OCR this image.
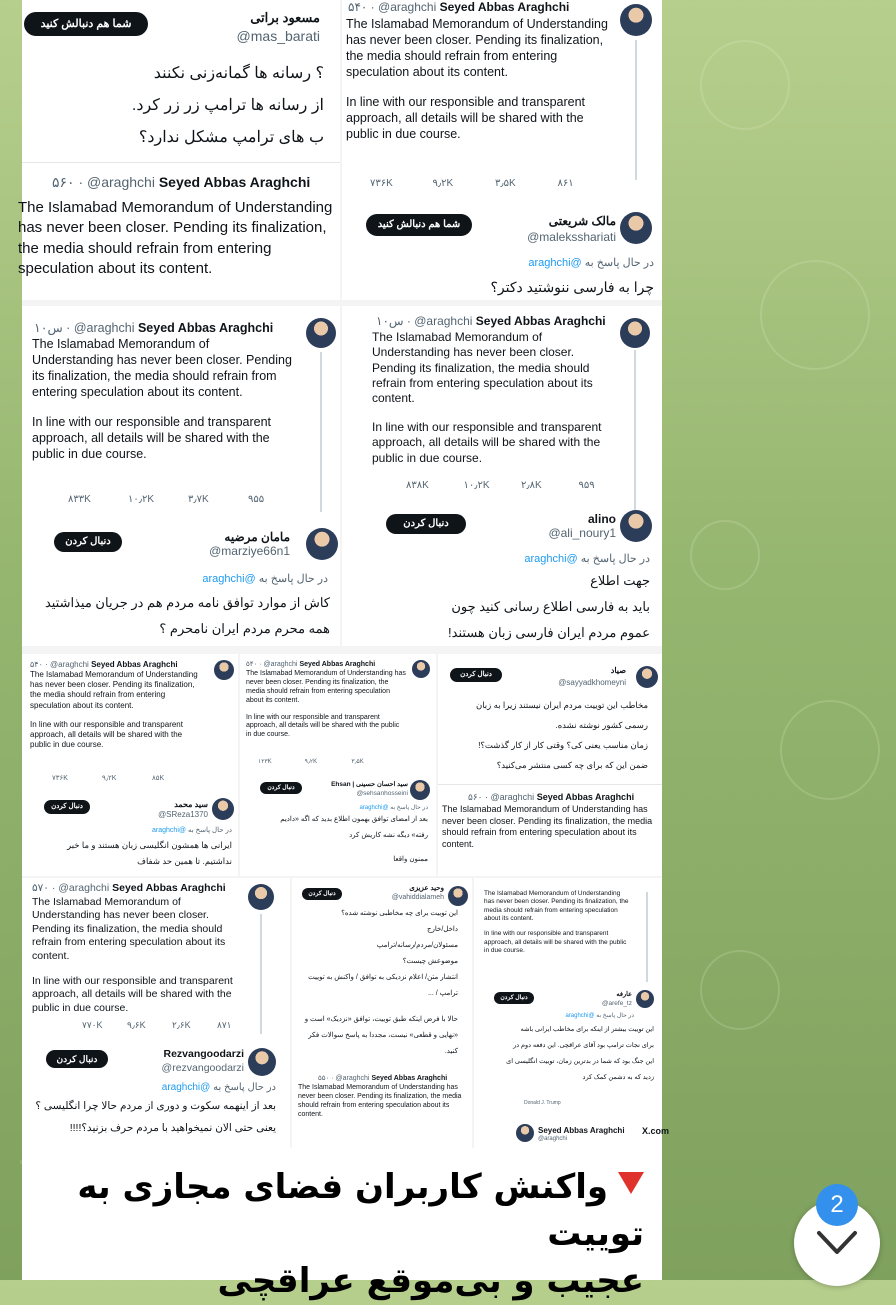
شما هم دنبالش کنید	مسعود براتی
@mas_barati
؟ رسانه ها گمانه‌زنی نکنند
از رسانه ها ترامپ زر زر کرد.
ب های ترامپ مشکل ندارد؟
۵۶۰ · @araghchi Seyed Abbas Araghchi
The Islamabad Memorandum of Understanding has never been closer. Pending its finalization, the media should refrain from entering speculation about its content.
۵۴۰ · @araghchi Seyed Abbas Araghchi

The Islamabad Memorandum of Understanding has never been closer. Pending its finalization, the media should refrain from entering speculation about its content.

In line with our responsible and transparent approach, all details will be shared with the public in due course.

۷۳۶K	۹٫۲K	۳٫۵K	۸۶۱
شما هم دنبالش کنید	مالک شریعتی
@maleksshariati
در حال پاسخ به @araghchi
چرا به فارسی ننوشتید دکتر؟
۱۰س · @araghchi Seyed Abbas Araghchi

The Islamabad Memorandum of Understanding has never been closer. Pending its finalization, the media should refrain from entering speculation about its content.

In line with our responsible and transparent approach, all details will be shared with the public in due course.

۸۳۳K	۱۰٫۲K	۳٫۷K	۹۵۵
دنبال کردن	مامان مرضیه
@marziye66n1
در حال پاسخ به @araghchi
کاش از موارد توافق نامه مردم هم در جریان میذاشتید
همه محرم مردم ایران نامحرم ؟
۱۰س · @araghchi Seyed Abbas Araghchi

The Islamabad Memorandum of Understanding has never been closer. Pending its finalization, the media should refrain from entering speculation about its content.

In line with our responsible and transparent approach, all details will be shared with the public in due course.

۸۳۸K	۱۰٫۲K	۲٫۸K	۹۵۹
دنبال کردن	alino
@ali_noury1
در حال پاسخ به @araghchi
جهت اطلاع
باید به فارسی اطلاع رسانی کنید چون
عموم مردم ایران فارسی زبان هستند!
۵۴۰ · @araghchi Seyed Abbas Araghchi

The Islamabad Memorandum of Understanding has never been closer. Pending its finalization, the media should refrain from entering speculation about its content.

In line with our responsible and transparent approach, all details will be shared with the public in due course.

۷۳۶K	۹٫۲K	۸۵K
دنبال کردن	سید محمد
@SReza1370
در حال پاسخ به @araghchi
ایرانی ها همشون انگلیسی زبان هستند و ما خبر
نداشتیم. تا همین حد شفاف
۵۴۰ · @araghchi Seyed Abbas Araghchi

The Islamabad Memorandum of Understanding has never been closer. Pending its finalization, the media should refrain from entering speculation about its content.

In line with our responsible and transparent approach, all details will be shared with the public in due course.

۱۲۳K	۹٫۲K	۳٫۵K
دنبال کردن	سید احسان حسینی | Ehsan
@sehsanhosseini
در حال پاسخ به @araghchi
بعد از امضای توافق بهمون اطلاع بدید که اگه «داديم
رفته» دیگه نشه کاریش کرد
ممنون واقعا
دنبال کردن	صیاد
@sayyadkhomeyni
مخاطب این توییت مردم ایران نیستند زیرا به زبان
رسمی کشور نوشته نشده.
زمان مناسب یعنی کی؟ وقتی کار از کار گذشت؟!
ضمن این که برای چه کسی منتشر می‌کنید؟
۵۶۰ · @araghchi Seyed Abbas Araghchi
The Islamabad Memorandum of Understanding has never been closer. Pending its finalization, the media should refrain from entering speculation about its content.
۵۷۰ · @araghchi Seyed Abbas Araghchi

The Islamabad Memorandum of Understanding has never been closer. Pending its finalization, the media should refrain from entering speculation about its content.

In line with our responsible and transparent approach, all details will be shared with the public in due course.

۷۷۰K	۹٫۶K	۲٫۶K	۸۷۱
دنبال کردن	Rezvangoodarzi
@rezvangoodarzi
در حال پاسخ به @araghchi
بعد از اینهمه سکوت و دوری از مردم حالا چرا انگلیسی ؟
یعنی حتی الان نمیخواهید با مردم حرف بزنید؟!!!!
دنبال کردن
وحید عزیزی
@vahiddialameh
این توییت برای چه مخاطبی نوشته شده؟
داخل/خارج
مسئولان/مردم/رسانه/ترامپ
موضوعش چیست؟
انتشار متن/ اعلام نزدیکی به توافق / واکنش به توییت
ترامپ / ...
حالا با فرض اینکه طبق توییت، توافق «نزدیک» است و
«نهایی و قطعی» نیست، مجددا به پاسخ سوالات فکر
کنید.
۵۵۰ · @araghchi Seyed Abbas Araghchi
The Islamabad Memorandum of Understanding has never been closer. Pending its finalization, the media should refrain from entering speculation about its content.

The Islamabad Memorandum of Understanding has never been closer. Pending its finalization, the media should refrain from entering speculation about its content.

In line with our responsible and transparent approach, all details will be shared with the public in due course.

دنبال کردن	عارفه
@arefe_tz
در حال پاسخ به @araghchi
این توییت بیشتر از اینکه برای مخاطب ایرانی باشه
برای نجات ترامپ بود آقای عراقچی. این دفعه دوم در
این جنگ بود که شما در بدترین زمان، توییت انگلیسی ای
زدید که به دشمن کمک کرد
Donald J. Trump
Seyed Abbas Araghchi
@araghchi
X.com
واکنش کاربران فضای مجازی به توییت
عجیب و بی‌موقع عراقچی
2
